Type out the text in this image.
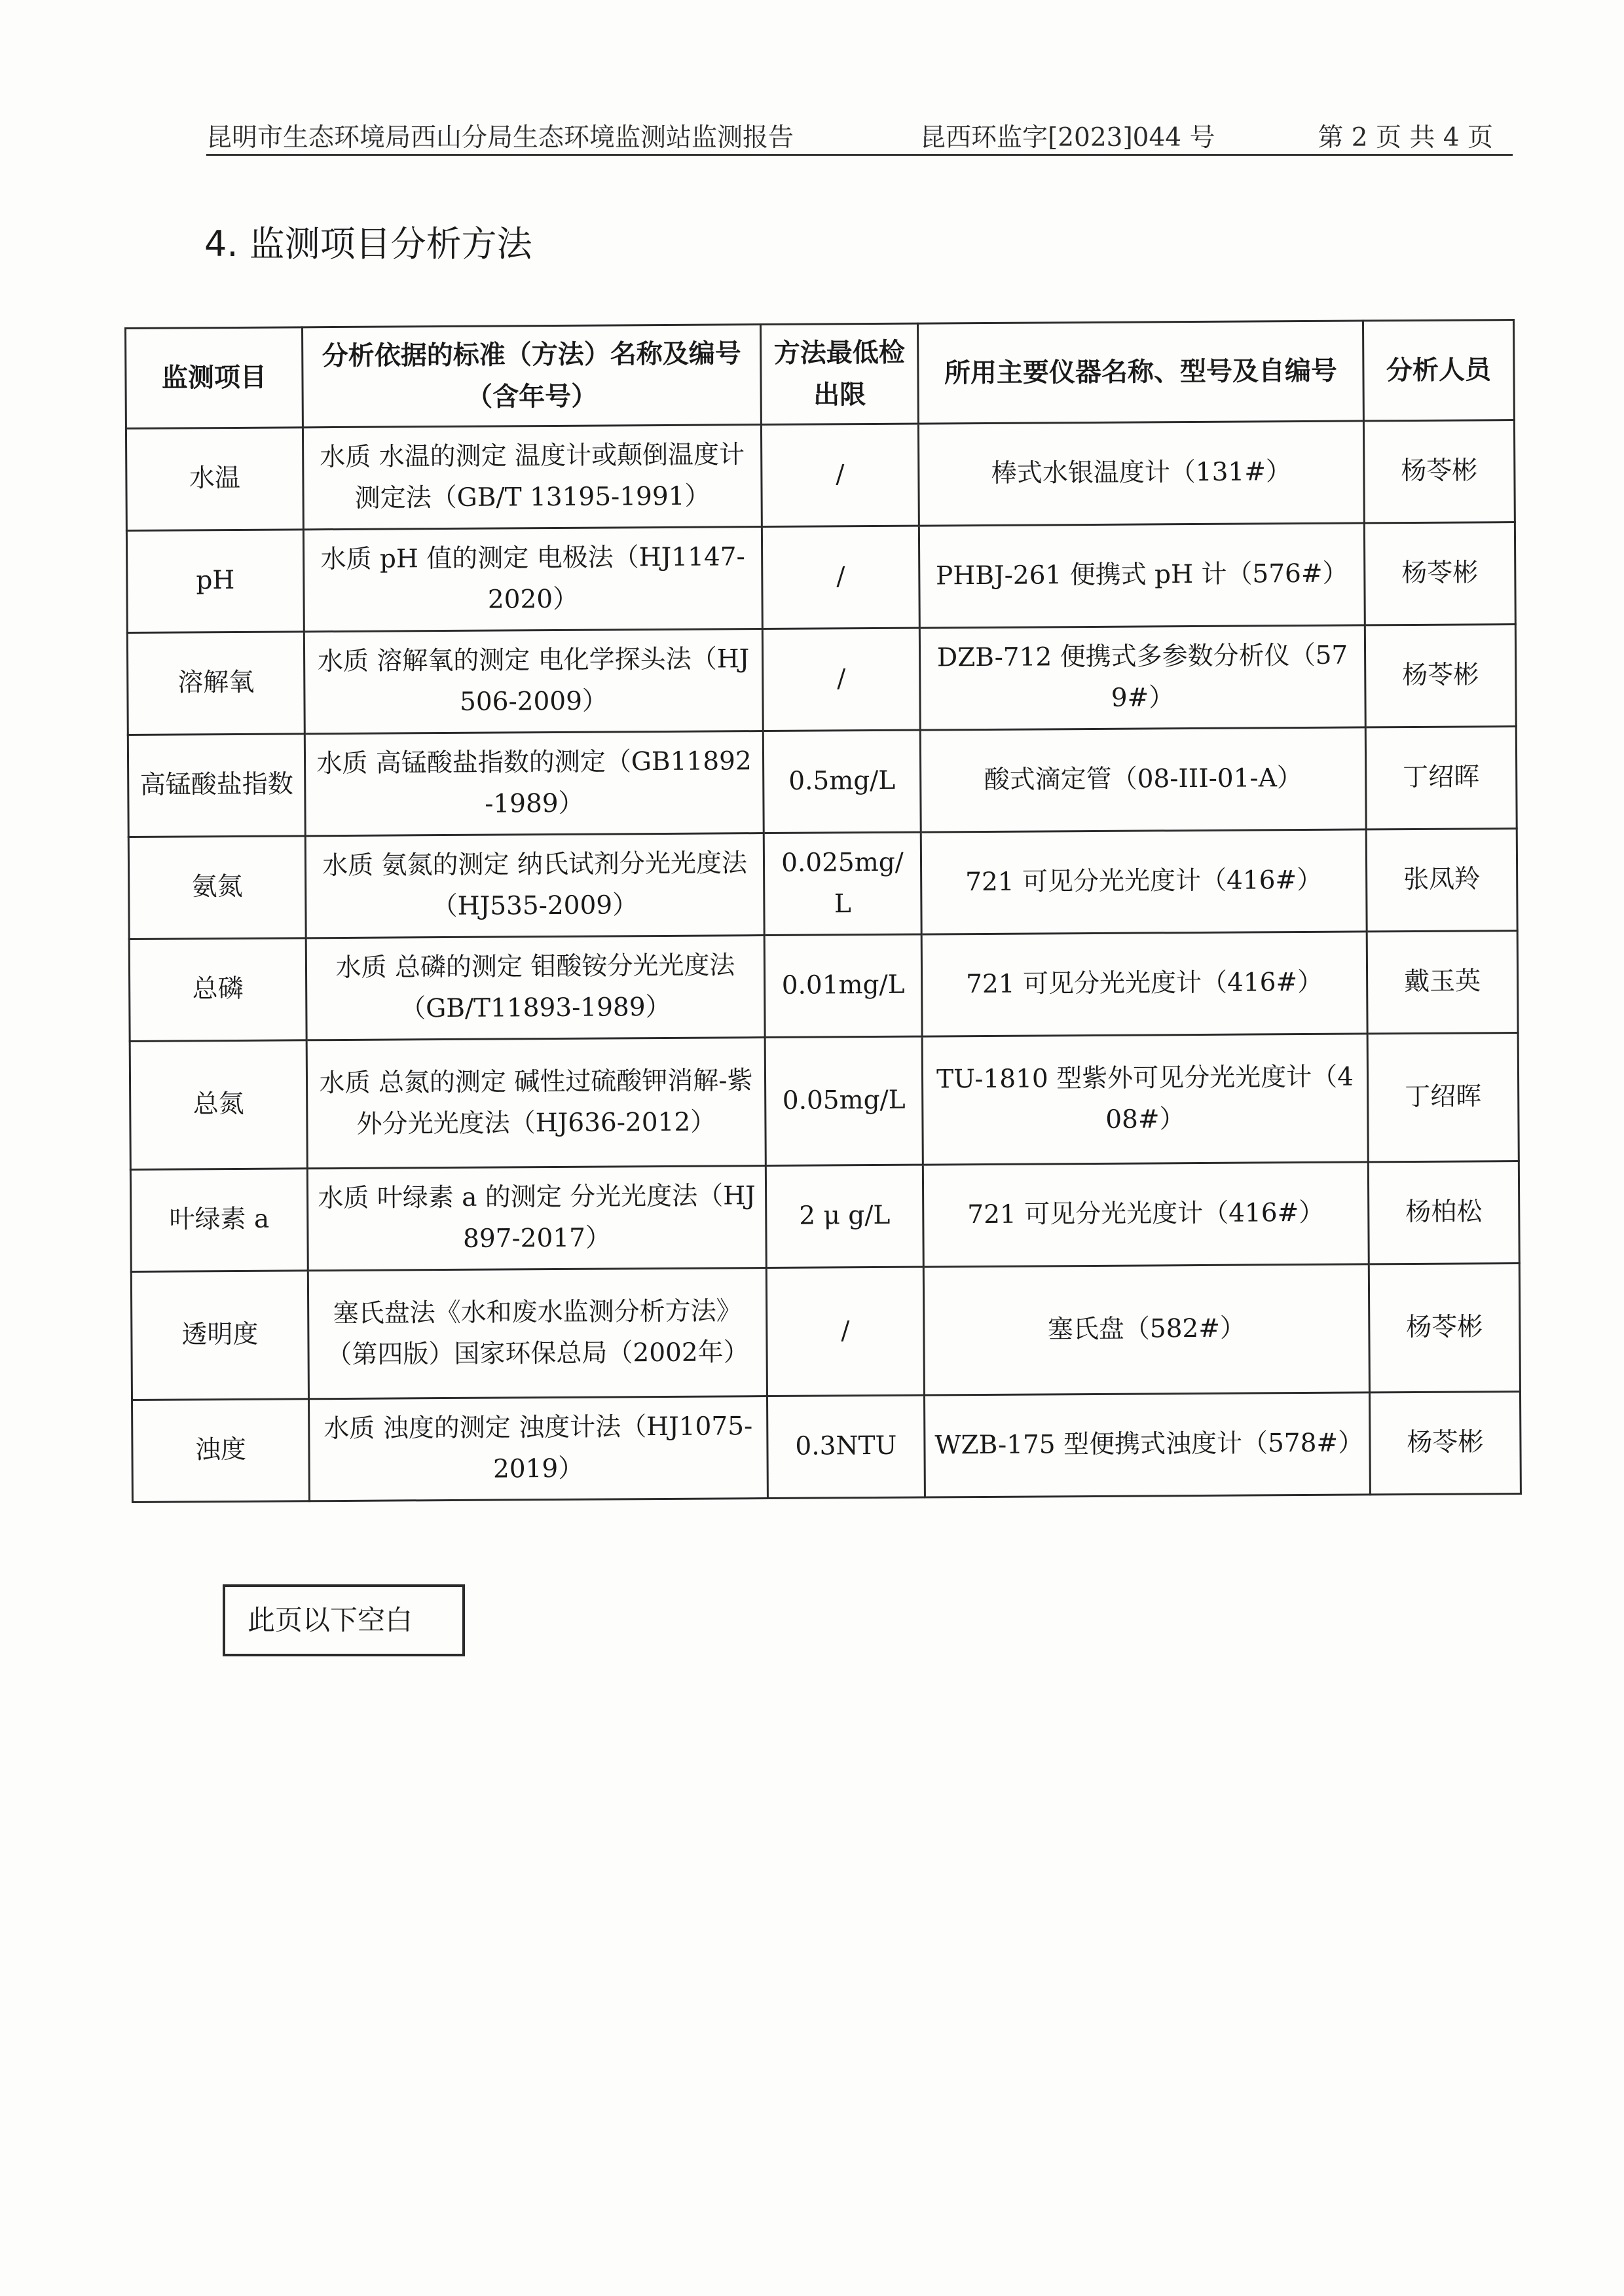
昆明市生态环境局西山分局生态环境监测站监测报告	昆西环监字[2023]044 号	第 2 页 共 4 页
4. 监测项目分析方法
监测项目	分析依据的标准（方法）名称及编号（含年号）	方法最低检出限	所用主要仪器名称、型号及自编号	分析人员
水温	水质 水温的测定 温度计或颠倒温度计测定法（GB/T 13195-1991）	/	棒式水银温度计（131#）	杨苓彬
pH	水质 pH 值的测定 电极法（HJ1147-2020）	/	PHBJ-261 便携式 pH 计（576#）	杨苓彬
溶解氧	水质 溶解氧的测定 电化学探头法（HJ506-2009）	/	DZB-712 便携式多参数分析仪（579#）	杨苓彬
高锰酸盐指数	水质 高锰酸盐指数的测定（GB11892-1989）	0.5mg/L	酸式滴定管（08-III-01-A）	丁绍晖
氨氮	水质 氨氮的测定 纳氏试剂分光光度法（HJ535-2009）	0.025mg/L	721 可见分光光度计（416#）	张凤羚
总磷	水质 总磷的测定 钼酸铵分光光度法（GB/T11893-1989）	0.01mg/L	721 可见分光光度计（416#）	戴玉英
总氮	水质 总氮的测定 碱性过硫酸钾消解-紫外分光光度法（HJ636-2012）	0.05mg/L	TU-1810 型紫外可见分光光度计（408#）	丁绍晖
叶绿素 a	水质 叶绿素 a 的测定 分光光度法（HJ897-2017）	2 μ g/L	721 可见分光光度计（416#）	杨柏松
透明度	塞氏盘法《水和废水监测分析方法》（第四版）国家环保总局（2002年）	/	塞氏盘（582#）	杨苓彬
浊度	水质 浊度的测定 浊度计法（HJ1075-2019）	0.3NTU	WZB-175 型便携式浊度计（578#）	杨苓彬
此页以下空白
